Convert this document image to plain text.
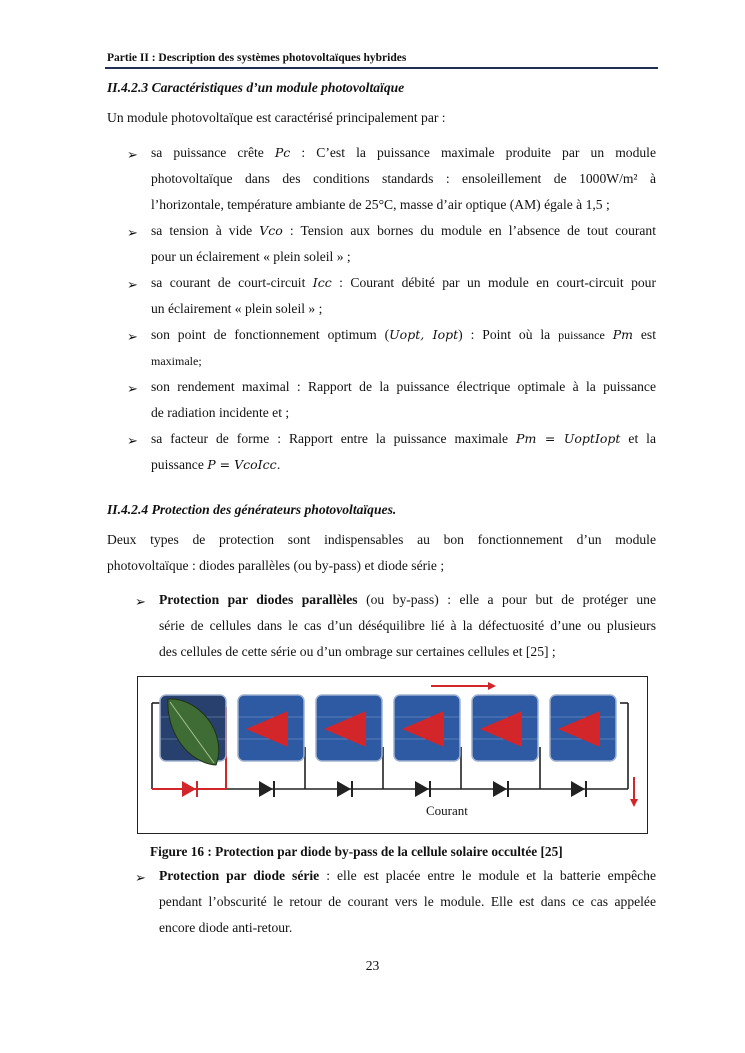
Partie II : Description des systèmes photovoltaïques hybrides
II.4.2.3 Caractéristiques d’un module photovoltaïque
Un module photovoltaïque est caractérisé principalement par :
➢ sa puissance crête Pc : C’est la puissance maximale produite par un module
photovoltaïque dans des conditions standards : ensoleillement de 1000W/m² à
l’horizontale, température ambiante de 25°C, masse d’air optique (AM) égale à 1,5 ;
➢ sa tension à vide Vco : Tension aux bornes du module en l’absence de tout courant
pour un éclairement « plein soleil » ;
➢ sa courant de court-circuit Icc : Courant débité par un module en court-circuit pour
un éclairement « plein soleil » ;
➢ son point de fonctionnement optimum (Uopt, Iopt) : Point où la puissance Pm est
maximale;
➢ son rendement maximal : Rapport de la puissance électrique optimale à la puissance
de radiation incidente et ;
➢ sa facteur de forme : Rapport entre la puissance maximale Pm = UoptIopt et la
puissance P = VcoIcc.
II.4.2.4 Protection des générateurs photovoltaïques.
Deux types de protection sont indispensables au bon fonctionnement d’un module
photovoltaïque : diodes parallèles (ou by-pass) et diode série ;
➢ Protection par diodes parallèles (ou by-pass) : elle a pour but de protéger une
série de cellules dans le cas d’un déséquilibre lié à la défectuosité d’une ou plusieurs
des cellules de cette série ou d’un ombrage sur certaines cellules et [25] ;
Courant
Figure 16 : Protection par diode by-pass de la cellule solaire occultée [25]
➢ Protection par diode série : elle est placée entre le module et la batterie empêche
pendant l’obscurité le retour de courant vers le module. Elle est dans ce cas appelée
encore diode anti-retour.
23
